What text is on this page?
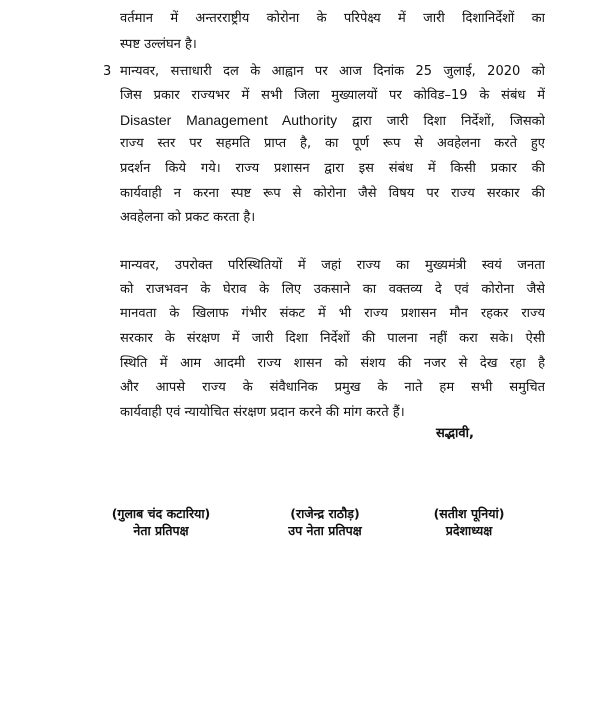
वर्तमान में अन्तरराष्ट्रीय कोरोना के परिपेक्ष्य में जारी दिशानिर्देशों का
स्पष्ट उल्लंघन है।
3 मान्यवर, सत्ताधारी दल के आह्वान पर आज दिनांक 25 जुलाई, 2020 को
जिस प्रकार राज्यभर में सभी जिला मुख्यालयों पर कोविड–19 के संबंध में
Disaster Management Authority द्वारा जारी दिशा निर्देशों, जिसको
राज्य स्तर पर सहमति प्राप्त है, का पूर्ण रूप से अवहेलना करते हुए
प्रदर्शन किये गये। राज्य प्रशासन द्वारा इस संबंध में किसी प्रकार की
कार्यवाही न करना स्पष्ट रूप से कोरोना जैसे विषय पर राज्य सरकार की
अवहेलना को प्रकट करता है।
मान्यवर, उपरोक्त परिस्थितियों में जहां राज्य का मुख्यमंत्री स्वयं जनता
को राजभवन के घेराव के लिए उकसाने का वक्तव्य दे एवं कोरोना जैसे
मानवता के खिलाफ गंभीर संकट में भी राज्य प्रशासन मौन रहकर राज्य
सरकार के संरक्षण में जारी दिशा निर्देशों की पालना नहीं करा सके। ऐसी
स्थिति में आम आदमी राज्य शासन को संशय की नजर से देख रहा है
और आपसे राज्य के संवैधानिक प्रमुख के नाते हम सभी समुचित
कार्यवाही एवं न्यायोचित संरक्षण प्रदान करने की मांग करते हैं।
सद्भावी,
(गुलाब चंद कटारिया)
नेता प्रतिपक्ष
(राजेन्द्र राठौड़)
उप नेता प्रतिपक्ष
(सतीश पूनियां)
प्रदेशाध्यक्ष
